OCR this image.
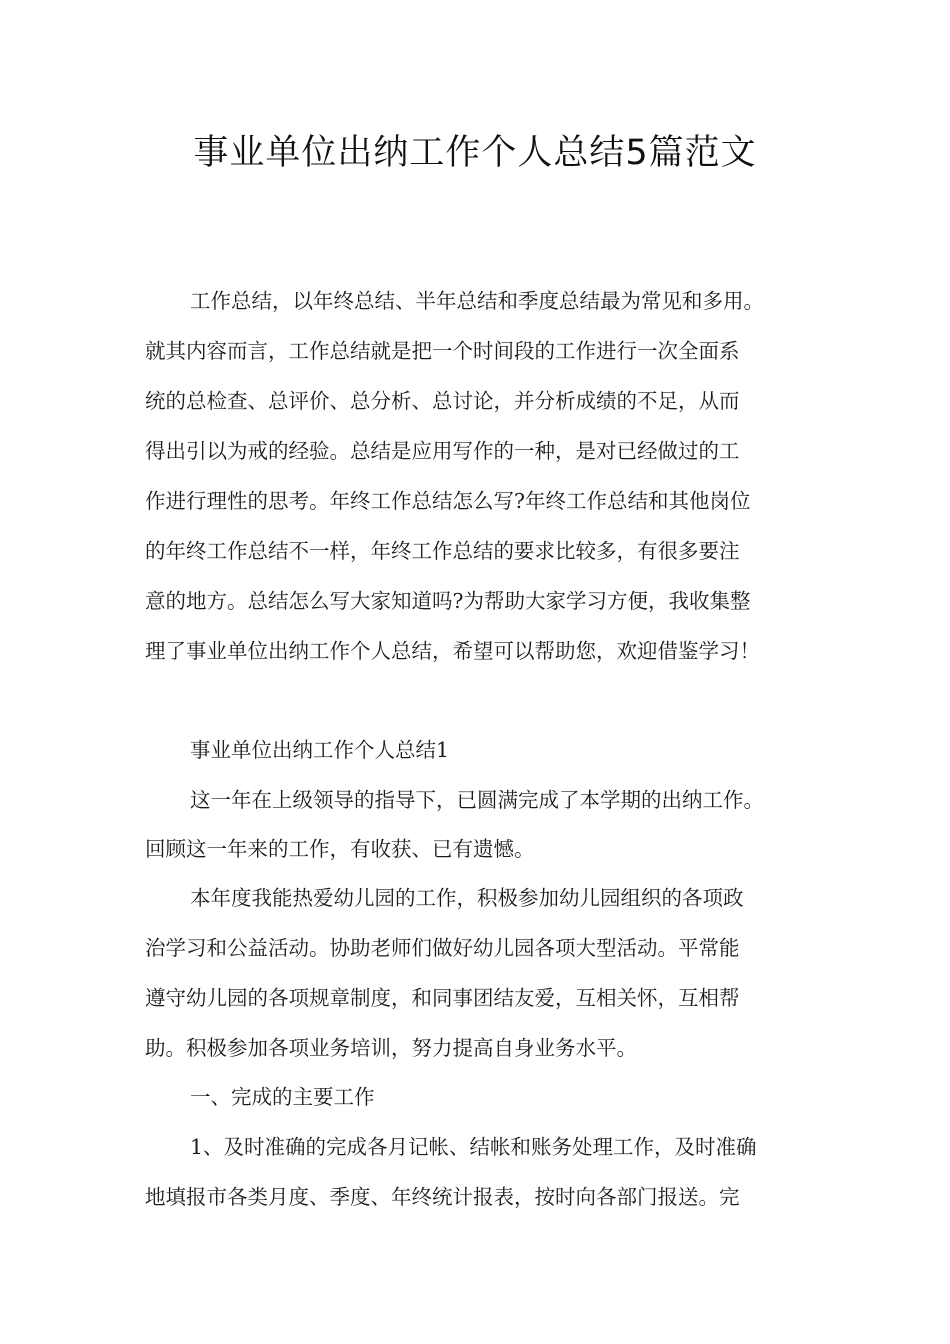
事业单位出纳工作个人总结5篇范文
工作总结，以年终总结、半年总结和季度总结最为常见和多用。
就其内容而言，工作总结就是把一个时间段的工作进行一次全面系
统的总检查、总评价、总分析、总讨论，并分析成绩的不足，从而
得出引以为戒的经验。总结是应用写作的一种，是对已经做过的工
作进行理性的思考。年终工作总结怎么写?年终工作总结和其他岗位
的年终工作总结不一样，年终工作总结的要求比较多，有很多要注
意的地方。总结怎么写大家知道吗?为帮助大家学习方便，我收集整
理了事业单位出纳工作个人总结，希望可以帮助您，欢迎借鉴学习！
事业单位出纳工作个人总结1
这一年在上级领导的指导下，已圆满完成了本学期的出纳工作。
回顾这一年来的工作，有收获、已有遗憾。
本年度我能热爱幼儿园的工作，积极参加幼儿园组织的各项政
治学习和公益活动。协助老师们做好幼儿园各项大型活动。平常能
遵守幼儿园的各项规章制度，和同事团结友爱，互相关怀，互相帮
助。积极参加各项业务培训，努力提高自身业务水平。
一、完成的主要工作
1、及时准确的完成各月记帐、结帐和账务处理工作，及时准确
地填报市各类月度、季度、年终统计报表，按时向各部门报送。完
